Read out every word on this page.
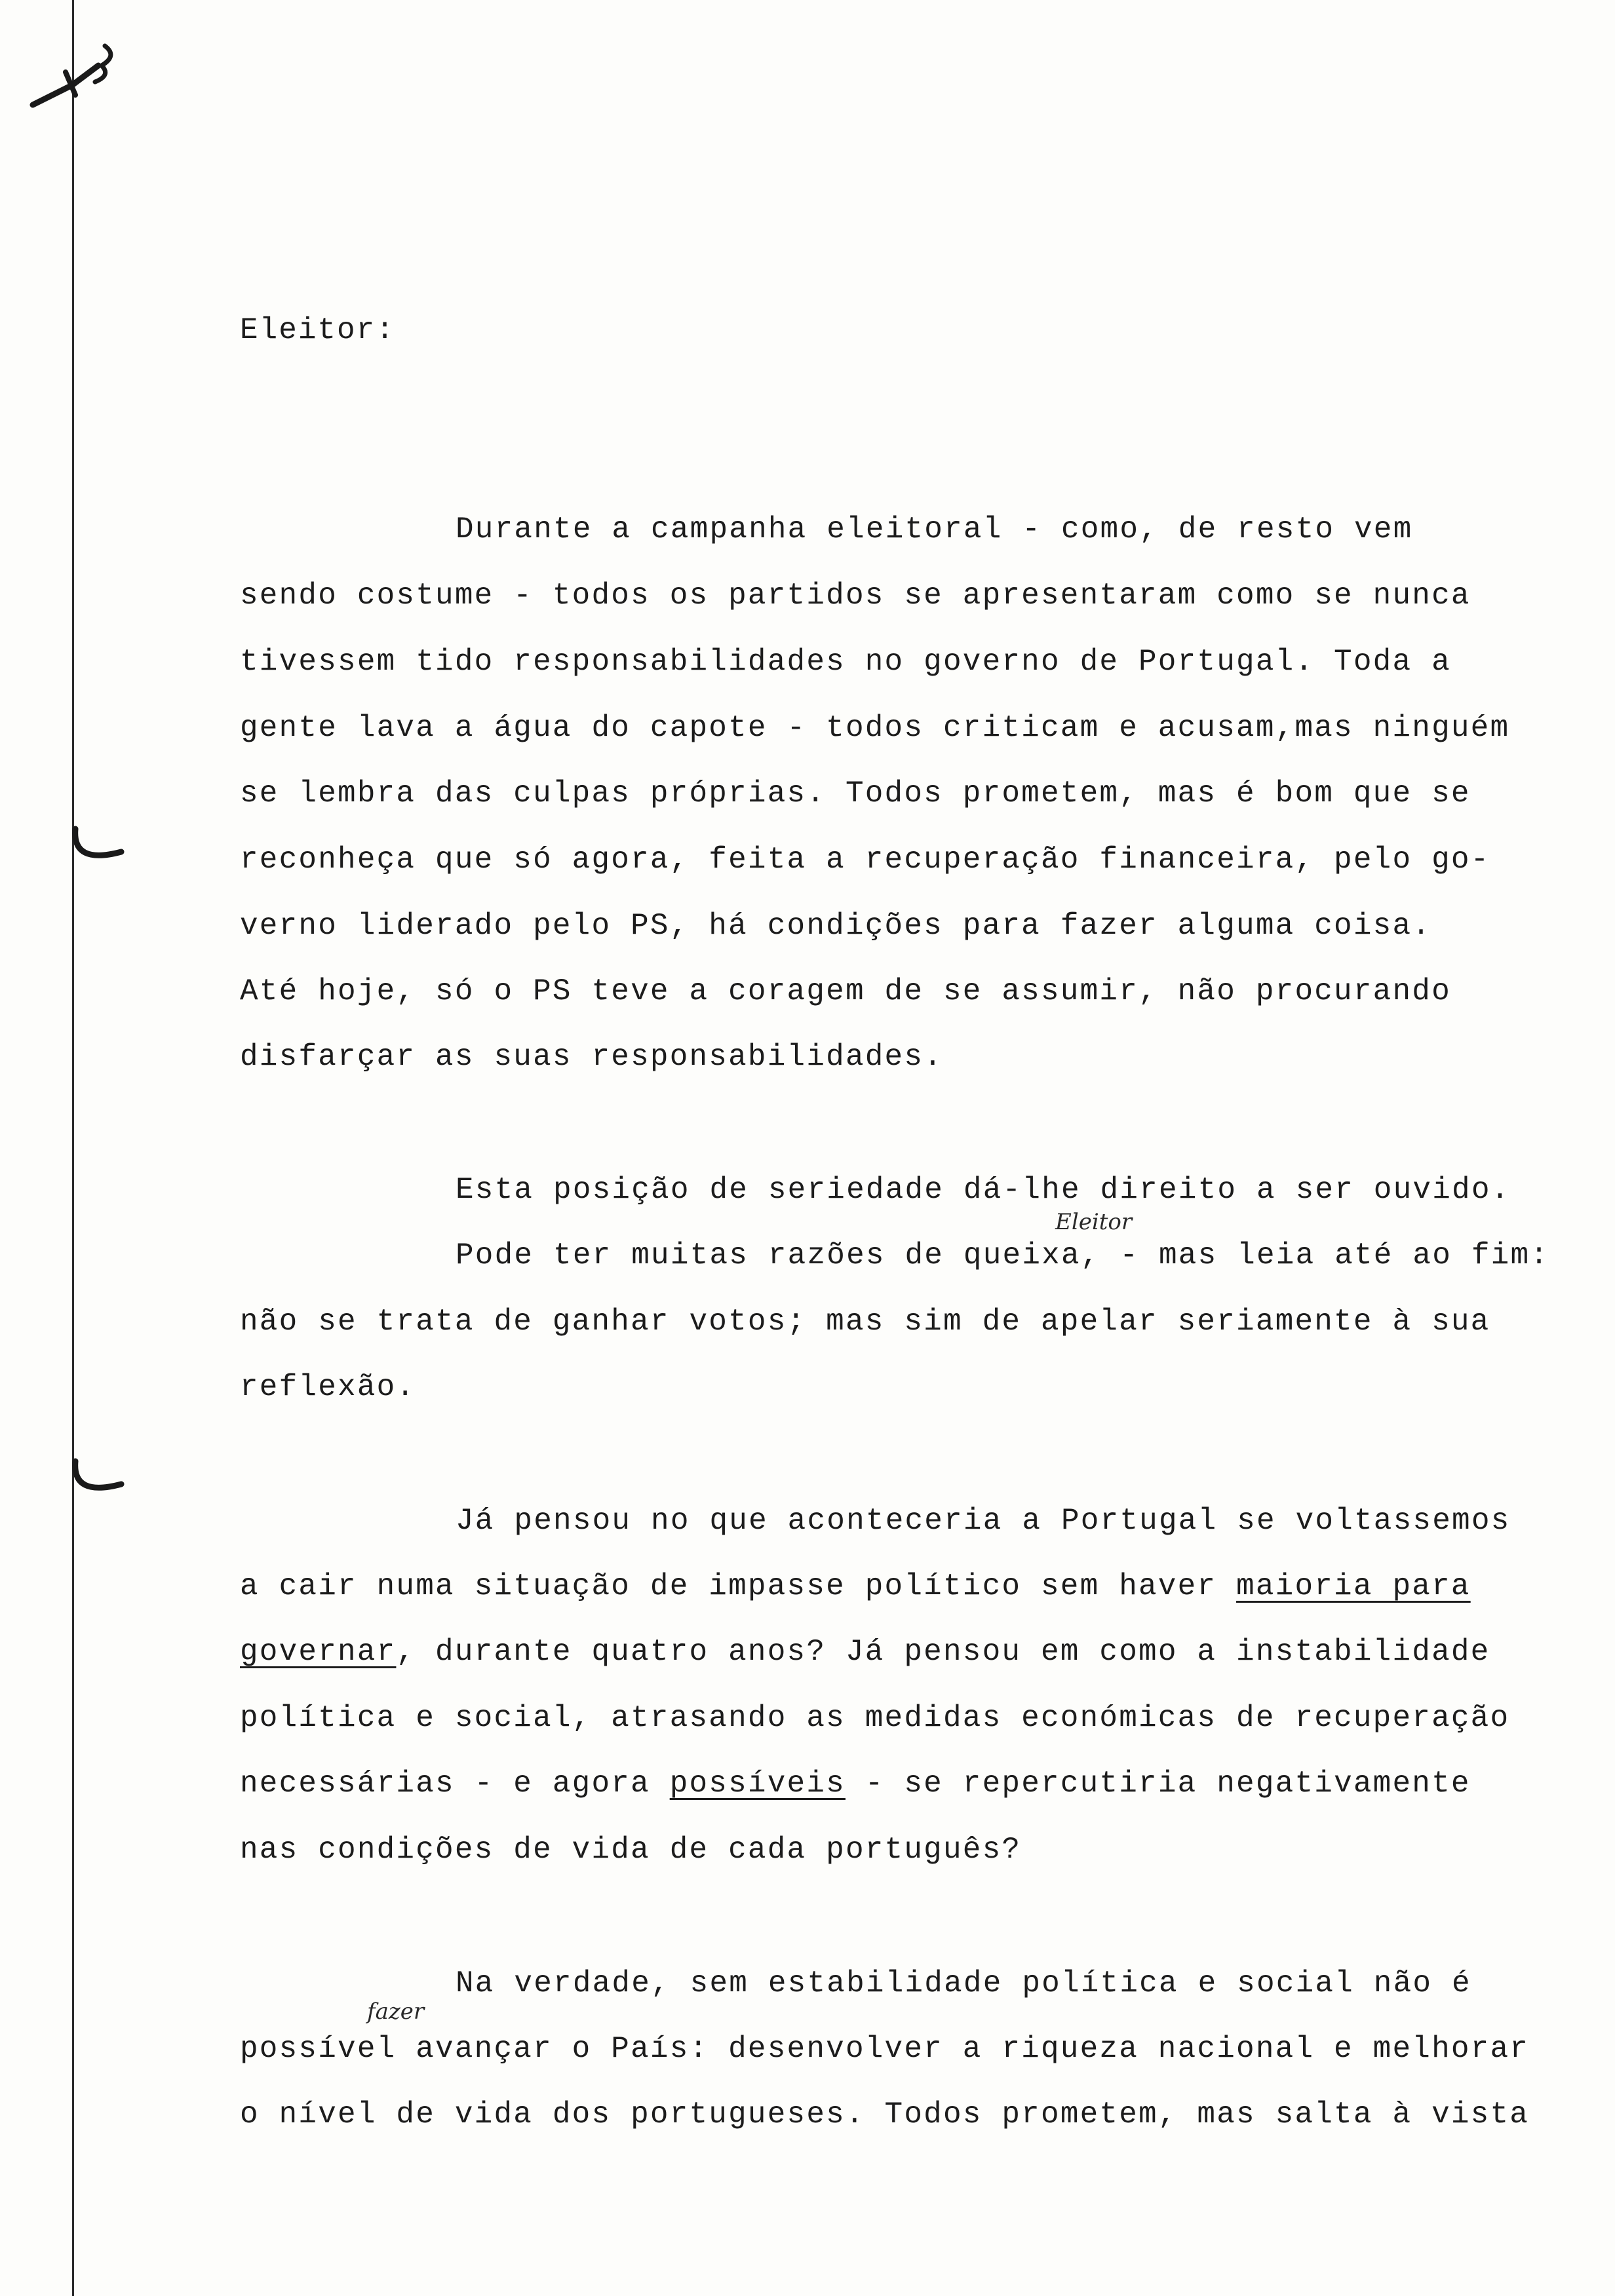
Eleitor:
Durante a campanha eleitoral - como, de resto vem
sendo costume - todos os partidos se apresentaram como se nunca
tivessem tido responsabilidades no governo de Portugal. Toda a
gente lava a água do capote - todos criticam e acusam,mas ninguém
se lembra das culpas próprias. Todos prometem, mas é bom que se
reconheça que só agora, feita a recuperação financeira, pelo go-
verno liderado pelo PS, há condições para fazer alguma coisa.
Até hoje, só o PS teve a coragem de se assumir, não procurando
disfarçar as suas responsabilidades.
Esta posição de seriedade dá-lhe direito a ser ouvido.
Eleitor
Pode ter muitas razões de queixa, - mas leia até ao fim:
não se trata de ganhar votos; mas sim de apelar seriamente à sua
reflexão.
Já pensou no que aconteceria a Portugal se voltassemos
a cair numa situação de impasse político sem haver maioria para
governar, durante quatro anos? Já pensou em como a instabilidade
política e social, atrasando as medidas económicas de recuperação
necessárias - e agora possíveis - se repercutiria negativamente
nas condições de vida de cada português?
Na verdade, sem estabilidade política e social não é
fazer
possível avançar o País: desenvolver a riqueza nacional e melhorar
o nível de vida dos portugueses. Todos prometem, mas salta à vista
